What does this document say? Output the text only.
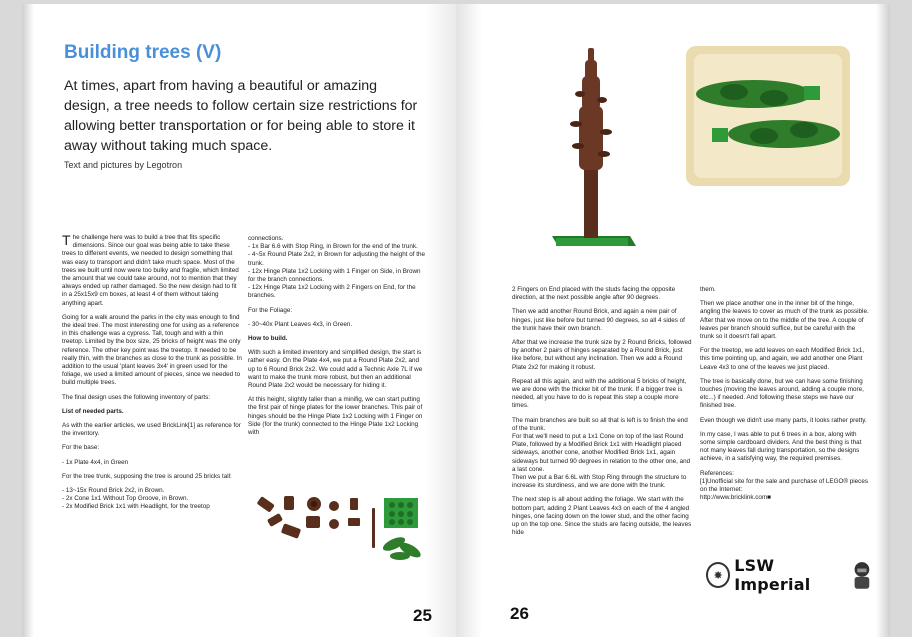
Building trees (V)

At times, apart from having a beautiful or amazing design, a tree needs to follow certain size restrictions for allowing better transportation or for being able to store it away without taking much space.

Text and pictures by Legotron

The challenge here was to build a tree that fits specific dimensions. Since our goal was being able to take these trees to different events, we needed to design something that was easy to transport and didn't take much space. Most of the trees we built until now were too bulky and fragile, which limited the amount that we could take around, not to mention that they always ended up rather damaged. So the new design had to fit in a 25x15x9 cm boxes, at least 4 of them without taking anything apart.

Going for a walk around the parks in the city was enough to find the ideal tree. The most interesting one for using as a reference in this challenge was a cypress. Tall, tough and with a thin treetop. Limited by the box size, 25 bricks of height was the only reference. The other key point was the treetop. It needed to be really thin, with the branches as close to the trunk as possible. In addition to the usual 'plant leaves 3x4' in green used for the foliage, we used a limited amount of pieces, since we needed to build multiple trees.

The final design uses the following inventory of parts:

List of needed parts.

As with the earlier articles, we used BrickLink[1] as reference for the inventory.

For the base:

- 1x Plate 4x4, in Green

For the tree trunk, supposing the tree is around 25 bricks tall:

- 13~15x Round Brick 2x2, in Brown.

- 2x Cone 1x1 Without Top Groove, in Brown.

- 2x Modified Brick 1x1 with Headlight, for the treetop

connections.

- 1x Bar 6.6 with Stop Ring, in Brown for the end of the trunk.

- 4~5x Round Plate 2x2, in Brown for adjusting the height of the trunk.

- 12x Hinge Plate 1x2 Locking with 1 Finger on Side, in Brown for the branch connections.

- 12x Hinge Plate 1x2 Locking with 2 Fingers on End, for the branches.

For the Foliage:

- 30~40x Plant Leaves 4x3, in Green.

How to build.

With such a limited inventory and simplified design, the start is rather easy. On the Plate 4x4, we put a Round Plate 2x2, and up to 6 Round Brick 2x2. We could add a Technic Axle 7L if we want to make the trunk more robust, but then an additional Round Plate 2x2 would be necessary for hiding it.

At this height, slightly taller than a minifig, we can start putting the first pair of hinge plates for the lower branches. This pair of hinges should be the Hinge Plate 1x2 Locking with 1 Finger on Side (for the trunk) connected to the Hinge Plate 1x2 Locking with

25

2 Fingers on End placed with the studs facing the opposite direction, at the next possible angle after 90 degrees.

Then we add another Round Brick, and again a new pair of hinges, just like before but turned 90 degrees, so all 4 sides of the trunk have their own branch.

After that we increase the trunk size by 2 Round Bricks, followed by another 2 pairs of hinges separated by a Round Brick, just like before, but without any inclination. Then we add a Round Plate 2x2 for making it robust.

Repeat all this again, and with the additional 5 bricks of height, we are done with the thicker bit of the trunk. If a bigger tree is needed, all you have to do is repeat this step a couple more times.

The main branches are built so all that is left is to finish the end of the trunk.

For that we'll need to put a 1x1 Cone on top of the last Round Plate, followed by a Modified Brick 1x1 with Headlight placed sideways, another cone, another Modified Brick 1x1, again sideways but turned 90 degrees in relation to the other one, and a last cone.

Then we put a Bar 6.6L with Stop Ring through the structure to increase its sturdiness, and we are done with the trunk.

The next step is all about adding the foliage. We start with the bottom part, adding 2 Plant Leaves 4x3 on each of the 4 angled hinges, one facing down on the lower stud, and the other facing up on the top one. Since the studs are facing outside, the leaves hide

them.

Then we place another one in the inner bit of the hinge, angling the leaves to cover as much of the trunk as possible. After that we move on to the middle of the tree. A couple of leaves per branch should suffice, but be careful with the trunk so it doesn't fall apart.

For the treetop, we add leaves on each Modified Brick 1x1, this time pointing up, and again, we add another one Plant Leave 4x3 to one of the leaves we just placed.

The tree is basically done, but we can have some finishing touches (moving the leaves around, adding a couple more, etc...) if needed. And following these steps we have our finished tree.

Even though we didn't use many parts, it looks rather pretty.

In my case, I was able to put 6 trees in a box, along with some simple cardboard dividers. And the best thing is that not many leaves fall during transportation, so the designs achieve, in a satisfying way, the required premises.

References:

[1]Unofficial site for the sale and purchase of LEGO® pieces on the Internet:

http://www.bricklink.com■

✸
LSW Imperial
26
